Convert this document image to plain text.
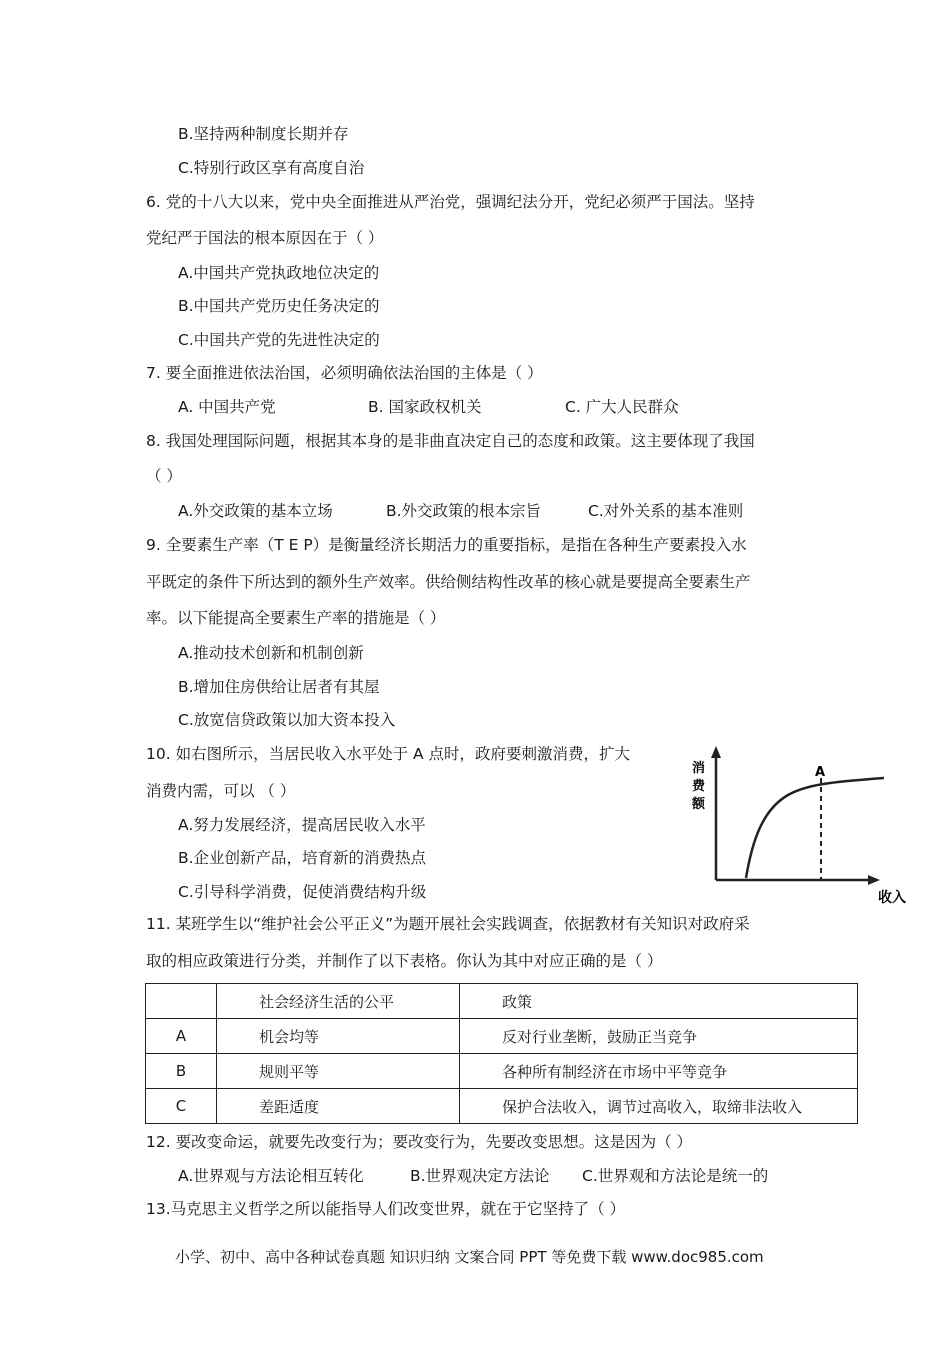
B.坚持两种制度长期并存
C.特别行政区享有高度自治
6. 党的十八大以来，党中央全面推进从严治党，强调纪法分开，党纪必须严于国法。坚持
党纪严于国法的根本原因在于（ ）
A.中国共产党执政地位决定的
B.中国共产党历史任务决定的
C.中国共产党的先进性决定的
7. 要全面推进依法治国，必须明确依法治国的主体是（ ）
A. 中国共产党	B. 国家政权机关	C. 广大人民群众
8. 我国处理国际问题，根据其本身的是非曲直决定自己的态度和政策。这主要体现了我国
（ ）
A.外交政策的基本立场	B.外交政策的根本宗旨	C.对外关系的基本准则
9. 全要素生产率（T E P）是衡量经济长期活力的重要指标，是指在各种生产要素投入水
平既定的条件下所达到的额外生产效率。供给侧结构性改革的核心就是要提高全要素生产
率。以下能提高全要素生产率的措施是（ ）
A.推动技术创新和机制创新
B.增加住房供给让居者有其屋
C.放宽信贷政策以加大资本投入
10. 如右图所示，当居民收入水平处于 A 点时，政府要刺激消费，扩大
消费内需，可以 （ ）
A.努力发展经济，提高居民收入水平
B.企业创新产品，培育新的消费热点
C.引导科学消费，促使消费结构升级
消
费
额
A
收入
11. 某班学生以“维护社会公平正义”为题开展社会实践调查，依据教材有关知识对政府采
取的相应政策进行分类，并制作了以下表格。你认为其中对应正确的是（ ）
	社会经济生活的公平	政策
A	机会均等	反对行业垄断，鼓励正当竞争
B	规则平等	各种所有制经济在市场中平等竞争
C	差距适度	保护合法收入，调节过高收入，取缔非法收入
12. 要改变命运，就要先改变行为；要改变行为，先要改变思想。这是因为（ ）
A.世界观与方法论相互转化	B.世界观决定方法论 C.世界观和方法论是统一的
13.马克思主义哲学之所以能指导人们改变世界，就在于它坚持了（ ）
小学、初中、高中各种试卷真题 知识归纳 文案合同 PPT 等免费下载 www.doc985.com
